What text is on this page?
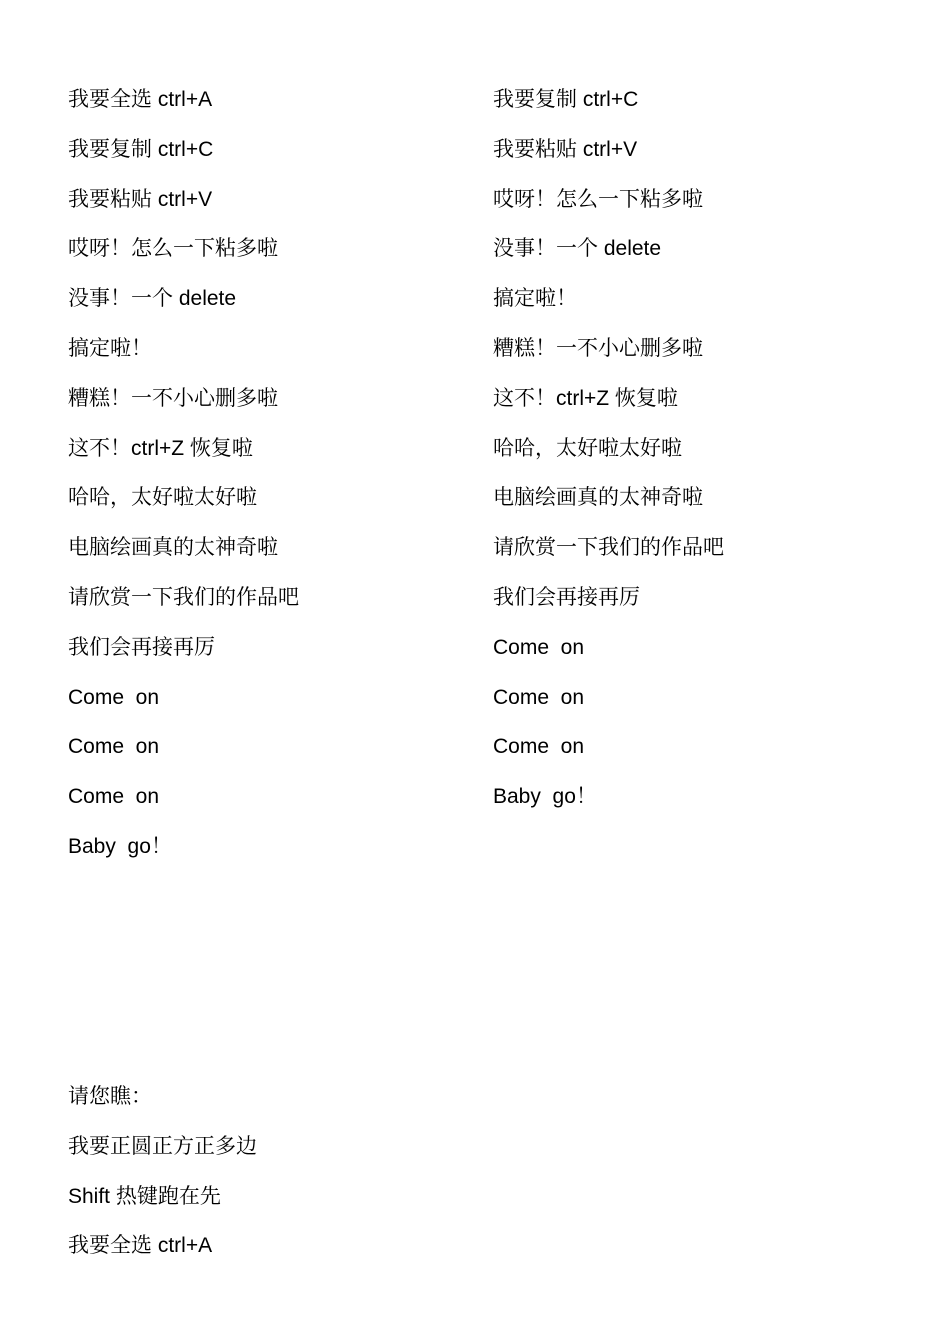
我要全选 ctrl+A
我要复制 ctrl+C
我要粘贴 ctrl+V
哎呀！怎么一下粘多啦
没事！一个 delete
搞定啦！
糟糕！一不小心删多啦
这不！ctrl+Z 恢复啦
哈哈，太好啦太好啦
电脑绘画真的太神奇啦
请欣赏一下我们的作品吧
我们会再接再厉
Come  on
Come  on
Come  on
Baby  go！
我要复制 ctrl+C
我要粘贴 ctrl+V
哎呀！怎么一下粘多啦
没事！一个 delete
搞定啦！
糟糕！一不小心删多啦
这不！ctrl+Z 恢复啦
哈哈，太好啦太好啦
电脑绘画真的太神奇啦
请欣赏一下我们的作品吧
我们会再接再厉
Come  on
Come  on
Come  on
Baby  go！
请您瞧：
我要正圆正方正多边
Shift 热键跑在先
我要全选 ctrl+A
